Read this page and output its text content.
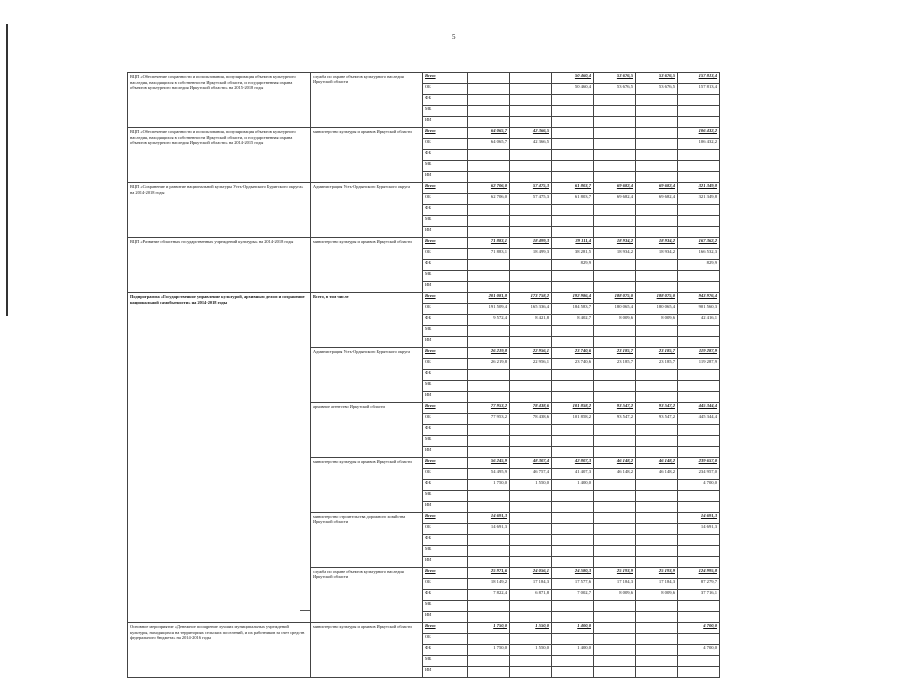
5
ВЦП «Обеспечение сохранности и использования, популяризация объектов культурного наследия, находящихся в собственности Иркутской области, и государственная охрана объектов культурного наследия Иркутской области» на 2015-2018 годы	служба по охране объектов культурного наследия Иркутской области	Всего			50 460,4	53 676,5	53 676,5	157 813,4
		ОБ			50 460,4	53 676,5	53 676,5	157 813,4
		ФБ						
		МБ						
		ИИ						
ВЦП «Обеспечение сохранности и использования, популяризация объектов культурного наследия, находящихся в собственности Иркутской области, и государственная охрана объектов культурного наследия Иркутской области» на 2014-2015 годы	министерство культуры и архивов Иркутской области	Всего	64 065,7	42 366,5				106 432,2
		ОБ	64 065,7	42 366,5				106 432,2
		ФБ						
		МБ						
		ИИ						
ВЦП «Сохранение и развитие национальной культуры Усть-Ордынского Бурятского округа» на 2014-2018 годы	Администрация Усть-Ордынского Бурятского округа	Всего	62 706,0	57 475,3	61 803,7	69 682,4	69 682,4	321 349,8
		ОБ	62 706,0	57 475,3	61 803,7	69 682,4	69 682,4	321 349,8
		ФБ						
		МБ						
		ИИ						
ВЦП «Развитие областных государственных учреждений культуры» на 2014-2018 годы	министерство культуры и архивов Иркутской области	Всего	71 883,1	18 499,3	39 111,4	18 934,2	18 934,2	167 362,2
		ОБ	71 883,1	18 499,3	38 281,5	18 934,2	18 934,2	166 532,3
		ФБ			829,9			829,9
		МБ						
		ИИ						
Подпрограмма «Государственное управление культурой, архивным делом и сохранение национальной самобытности» на 2014-2018 годы	Всего, в том числе	Всего	201 081,8	173 758,2	192 986,4	188 075,0	188 075,0	943 976,4
		ОБ	191 509,4	165 336,4	184 583,7	180 065,4	180 065,4	901 560,3
		ФБ	9 572,4	8 421,8	8 402,7	8 009,6	8 009,6	42 416,1
		МБ						
		ИИ						
	Администрация Усть-Ордынского Бурятского округа	Всего	26 219,8	22 956,1	23 740,6	23 185,7	23 185,7	119 287,9
		ОБ	26 219,8	22 956,1	23 740,6	23 185,7	23 185,7	119 287,9
		ФБ						
		МБ						
		ИИ						
	архивное агентство Иркутской области	Всего	77 953,2	78 438,6	101 858,2	93 547,2	93 547,2	445 344,4
		ОБ	77 953,2	78 438,6	101 858,2	93 547,2	93 547,2	445 344,4
		ФБ						
		МБ						
		ИИ						
	министерство культуры и архивов Иркутской области	Всего	56 245,9	48 307,4	42 807,3	46 148,2	46 148,2	239 657,0
		ОБ	54 495,9	46 757,4	41 407,3	46 148,2	46 148,2	234 957,0
		ФБ	1 750,0	1 550,0	1 400,0			4 700,0
		МБ						
		ИИ						
	министерство строительства дорожного хозяйства Иркутской области	Всего	14 691,3					14 691,3
		ОБ	14 691,3					14 691,3
		ФБ						
		МБ						
		ИИ						
	служба по охране объектов культурного наследия Иркутской области	Всего	25 971,6	24 056,1	24 580,3	25 193,9	25 193,9	124 995,8
		ОБ	18 149,2	17 184,3	17 577,6	17 184,3	17 184,3	87 279,7
		ФБ	7 822,4	6 871,8	7 002,7	8 009,6	8 009,6	37 716,1
		МБ						
		ИИ						
Основное мероприятие «Денежное поощрение лучших муниципальных учреждений культуры, находящихся на территориях сельских поселений, и их работников за счет средств федерального бюджета» на 2014-2016 годы	министерство культуры и архивов Иркутской области	Всего	1 750,0	1 550,0	1 400,0			4 700,0
		ОБ						
		ФБ	1 750,0	1 550,0	1 400,0			4 700,0
		МБ						
		ИИ						
